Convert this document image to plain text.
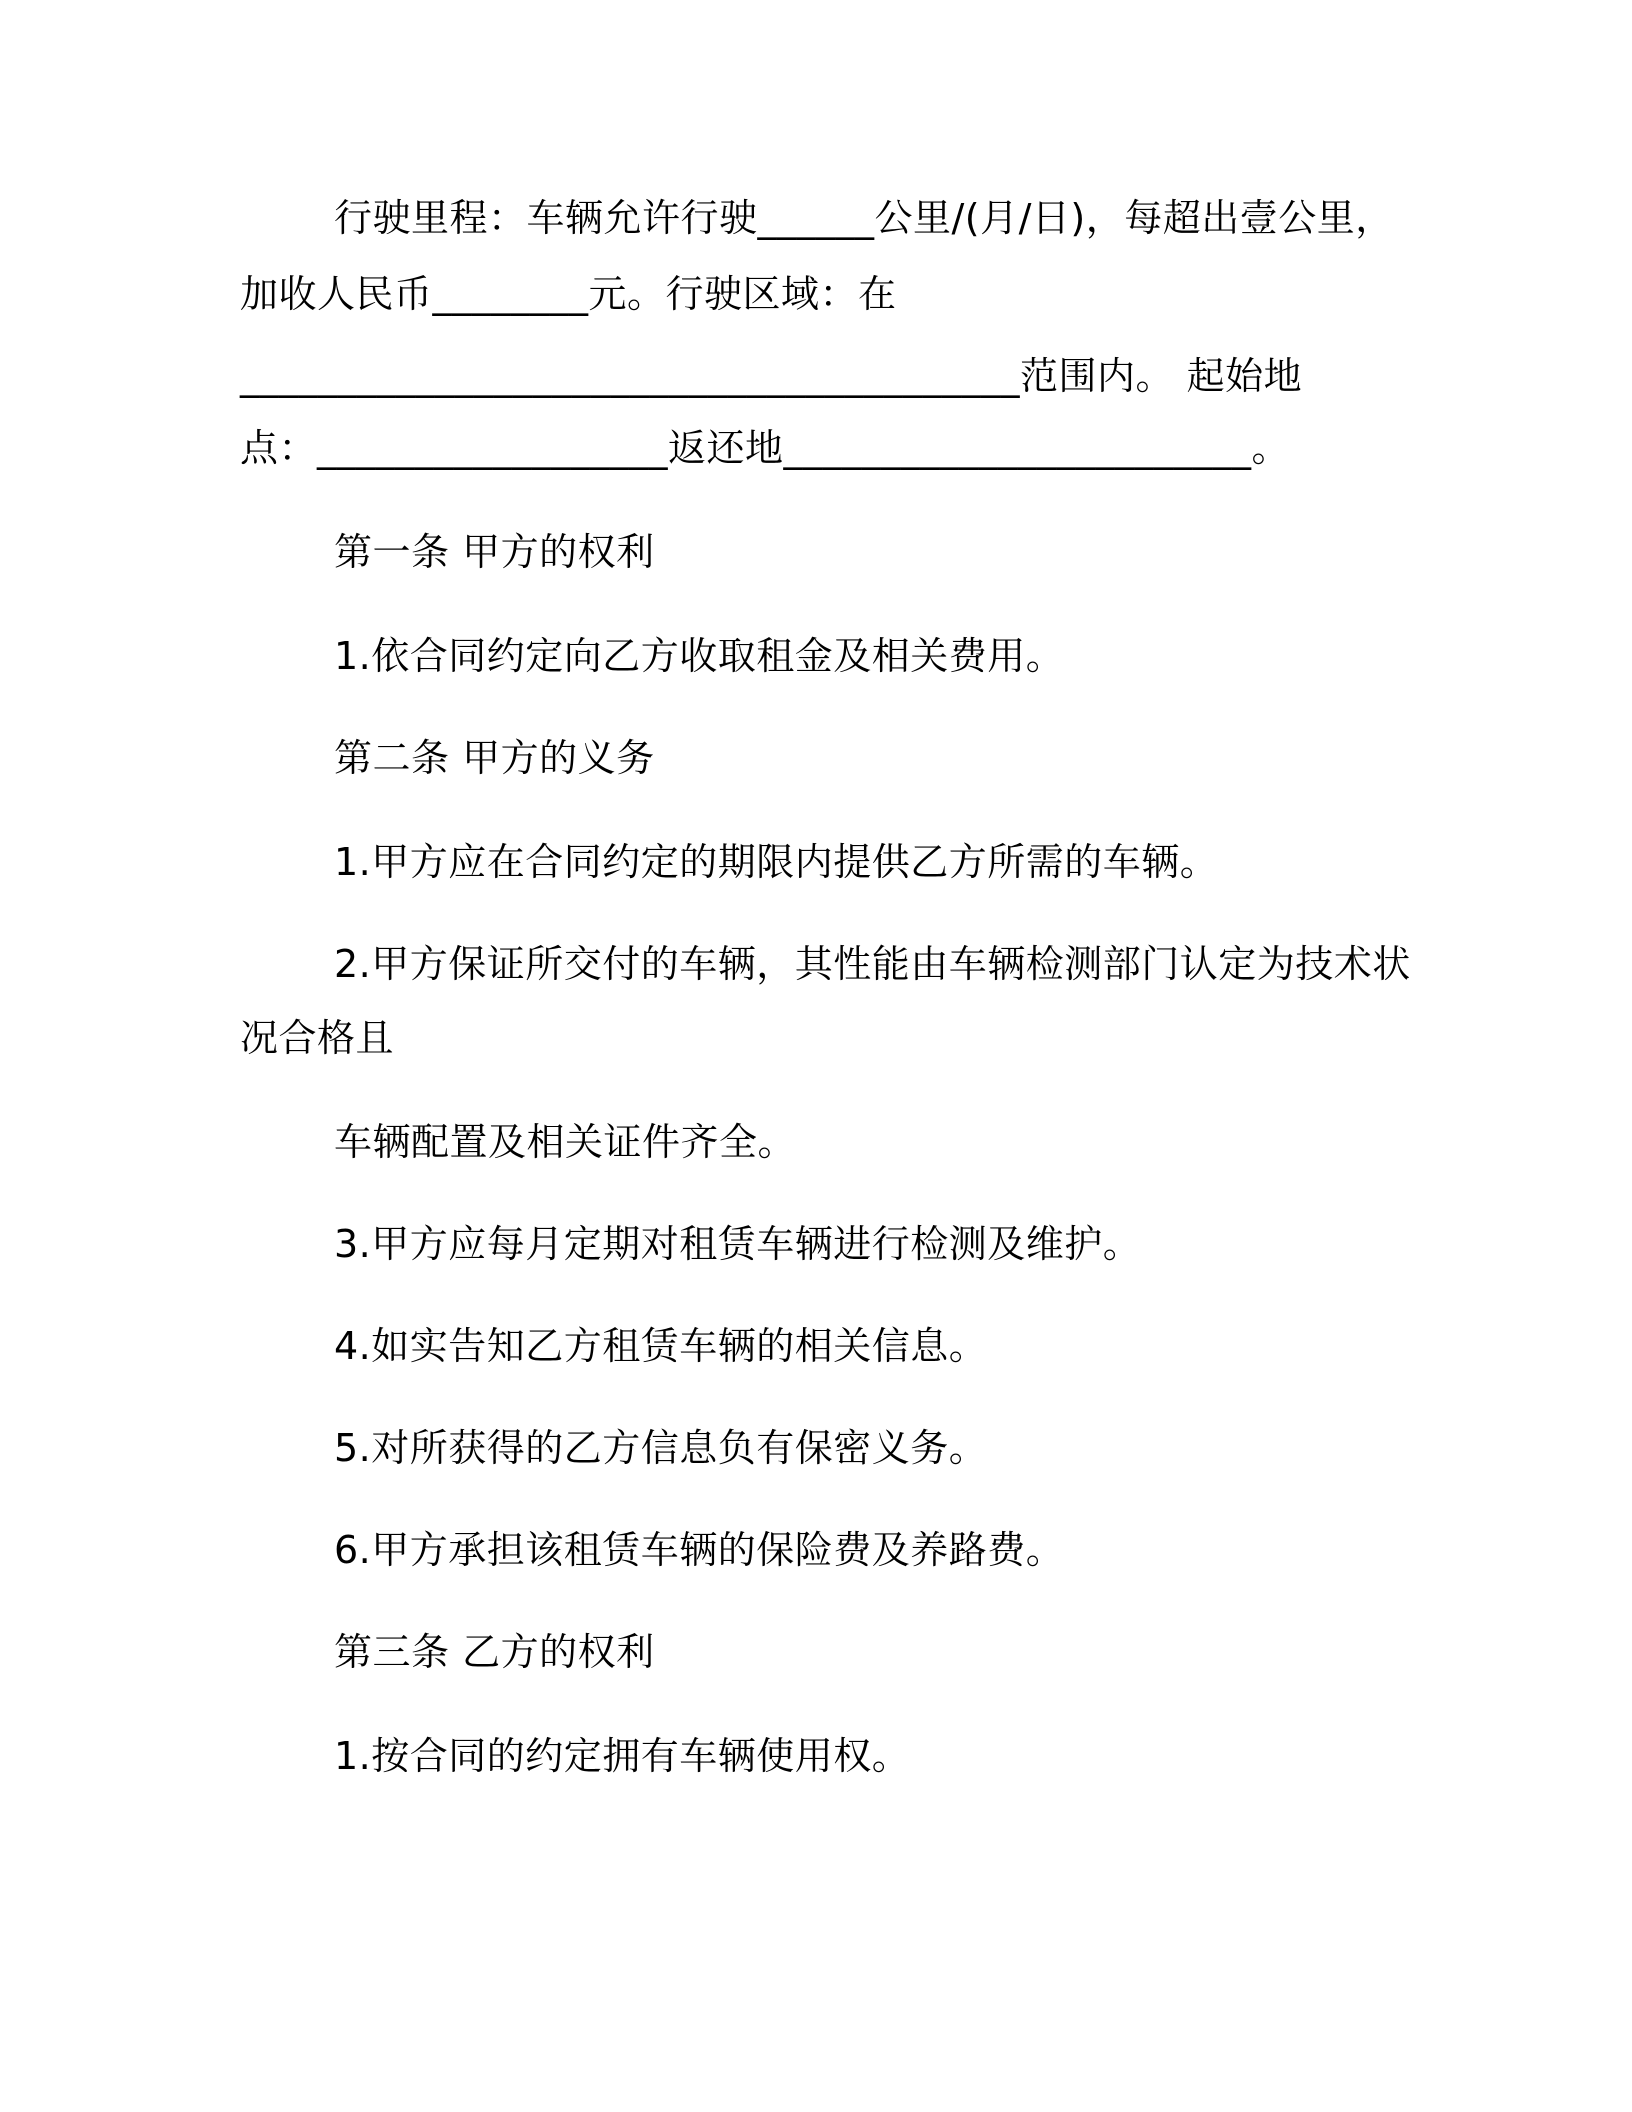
行驶里程：车辆允许行驶______公里/(月/日)，每超出壹公里，
加收人民币________元。行驶区域：在
________________________________________范围内。 起始地
点：__________________返还地________________________。
第一条 甲方的权利
1.依合同约定向乙方收取租金及相关费用。
第二条 甲方的义务
1.甲方应在合同约定的期限内提供乙方所需的车辆。
2.甲方保证所交付的车辆，其性能由车辆检测部门认定为技术状
况合格且
车辆配置及相关证件齐全。
3.甲方应每月定期对租赁车辆进行检测及维护。
4.如实告知乙方租赁车辆的相关信息。
5.对所获得的乙方信息负有保密义务。
6.甲方承担该租赁车辆的保险费及养路费。
第三条 乙方的权利
1.按合同的约定拥有车辆使用权。
